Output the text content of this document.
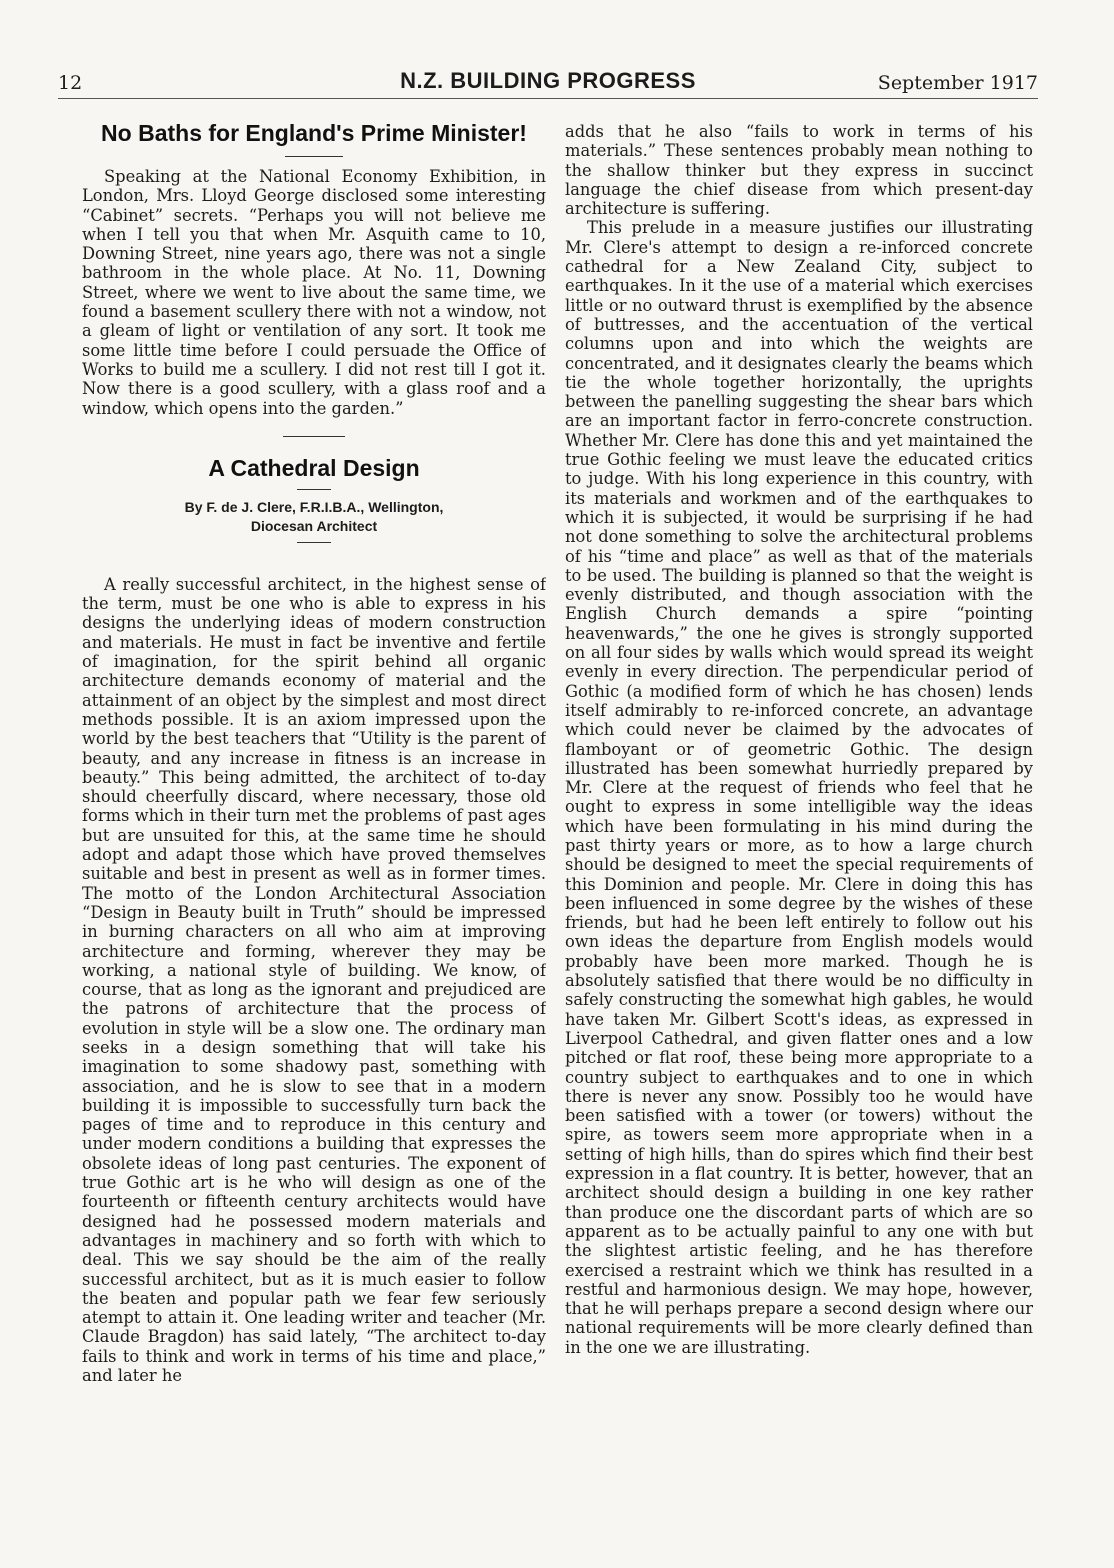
12	N.Z. BUILDING PROGRESS	September 1917
No Baths for England's Prime Minister!

Speaking at the National Economy Exhibition, in London, Mrs. Lloyd George disclosed some interesting “Cabinet” secrets. “Perhaps you will not believe me when I tell you that when Mr. Asquith came to 10, Downing Street, nine years ago, there was not a single bathroom in the whole place. At No. 11, Downing Street, where we went to live about the same time, we found a basement scullery there with not a window, not a gleam of light or ventilation of any sort. It took me some little time before I could persuade the Office of Works to build me a scullery. I did not rest till I got it. Now there is a good scullery, with a glass roof and a window, which opens into the garden.”

A Cathedral Design
By F. de J. Clere, F.R.I.B.A., Wellington,
Diocesan Architect

A really successful architect, in the highest sense of the term, must be one who is able to express in his designs the underlying ideas of modern construction and materials. He must in fact be inventive and fertile of imagination, for the spirit behind all organic architecture demands economy of material and the attainment of an object by the simplest and most direct methods possible. It is an axiom impressed upon the world by the best teachers that “Utility is the parent of beauty, and any increase in fitness is an increase in beauty.” This being admitted, the architect of to-day should cheerfully discard, where necessary, those old forms which in their turn met the problems of past ages but are unsuited for this, at the same time he should adopt and adapt those which have proved themselves suitable and best in present as well as in former times. The motto of the London Architectural Association “Design in Beauty built in Truth” should be impressed in burning characters on all who aim at improving architecture and forming, wherever they may be working, a national style of building. We know, of course, that as long as the ignorant and prejudiced are the patrons of architecture that the process of evolution in style will be a slow one. The ordinary man seeks in a design something that will take his imagination to some shadowy past, something with association, and he is slow to see that in a modern building it is impossible to successfully turn back the pages of time and to reproduce in this century and under modern conditions a building that expresses the obsolete ideas of long past centuries. The exponent of true Gothic art is he who will design as one of the fourteenth or fifteenth century architects would have designed had he possessed modern materials and advantages in machinery and so forth with which to deal. This we say should be the aim of the really successful architect, but as it is much easier to follow the beaten and popular path we fear few seriously atempt to attain it. One leading writer and teacher (Mr. Claude Bragdon) has said lately, “The architect to-day fails to think and work in terms of his time and place,” and later he

adds that he also “fails to work in terms of his materials.” These sentences probably mean nothing to the shallow thinker but they express in succinct language the chief disease from which present-day architecture is suffering.

This prelude in a measure justifies our illustrating Mr. Clere's attempt to design a re-inforced concrete cathedral for a New Zealand City, subject to earthquakes. In it the use of a material which exercises little or no outward thrust is exemplified by the absence of buttresses, and the accentuation of the vertical columns upon and into which the weights are concentrated, and it designates clearly the beams which tie the whole together horizontally, the uprights between the panelling suggesting the shear bars which are an important factor in ferro-concrete construction. Whether Mr. Clere has done this and yet maintained the true Gothic feeling we must leave the educated critics to judge. With his long experience in this country, with its materials and workmen and of the earthquakes to which it is subjected, it would be surprising if he had not done something to solve the architectural problems of his “time and place” as well as that of the materials to be used. The building is planned so that the weight is evenly distributed, and though association with the English Church demands a spire “pointing heavenwards,” the one he gives is strongly supported on all four sides by walls which would spread its weight evenly in every direction. The perpendicular period of Gothic (a modified form of which he has chosen) lends itself admirably to re-inforced concrete, an advantage which could never be claimed by the advocates of flamboyant or of geometric Gothic. The design illustrated has been somewhat hurriedly prepared by Mr. Clere at the request of friends who feel that he ought to express in some intelligible way the ideas which have been formulating in his mind during the past thirty years or more, as to how a large church should be designed to meet the special requirements of this Dominion and people. Mr. Clere in doing this has been influenced in some degree by the wishes of these friends, but had he been left entirely to follow out his own ideas the departure from English models would probably have been more marked. Though he is absolutely satisfied that there would be no difficulty in safely constructing the somewhat high gables, he would have taken Mr. Gilbert Scott's ideas, as expressed in Liverpool Cathedral, and given flatter ones and a low pitched or flat roof, these being more appropriate to a country subject to earthquakes and to one in which there is never any snow. Possibly too he would have been satisfied with a tower (or towers) without the spire, as towers seem more appropriate when in a setting of high hills, than do spires which find their best expression in a flat country. It is better, however, that an architect should design a building in one key rather than produce one the discordant parts of which are so apparent as to be actually painful to any one with but the slightest artistic feeling, and he has therefore exercised a restraint which we think has resulted in a restful and harmonious design. We may hope, however, that he will perhaps prepare a second design where our national requirements will be more clearly defined than in the one we are illustrating.
